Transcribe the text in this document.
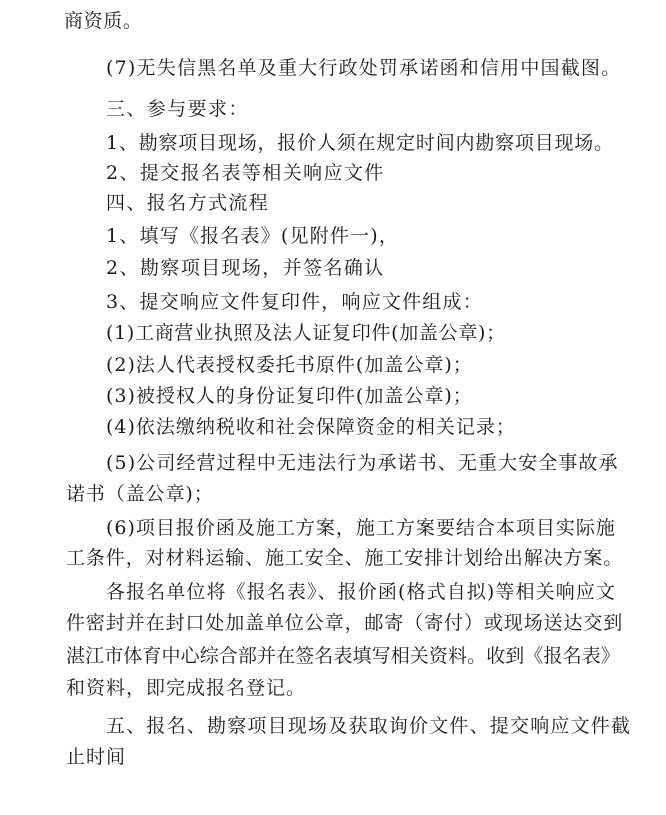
商资质。
(7)无失信黑名单及重大行政处罚承诺函和信用中国截图。
三、参与要求：
1、勘察项目现场，报价人须在规定时间内勘察项目现场。
2、提交报名表等相关响应文件
四、报名方式流程
1、填写《报名表》(见附件一)，
2、勘察项目现场，并签名确认
3、提交响应文件复印件，响应文件组成：
(1)工商营业执照及法人证复印件(加盖公章)；
(2)法人代表授权委托书原件(加盖公章)；
(3)被授权人的身份证复印件(加盖公章)；
(4)依法缴纳税收和社会保障资金的相关记录；
(5)公司经营过程中无违法行为承诺书、无重大安全事故承
诺书（盖公章)；
(6)项目报价函及施工方案，施工方案要结合本项目实际施
工条件，对材料运输、施工安全、施工安排计划给出解决方案。
各报名单位将《报名表》、报价函(格式自拟)等相关响应文
件密封并在封口处加盖单位公章，邮寄（寄付）或现场送达交到
湛江市体育中心综合部并在签名表填写相关资料。收到《报名表》
和资料，即完成报名登记。
五、报名、勘察项目现场及获取询价文件、提交响应文件截
止时间
